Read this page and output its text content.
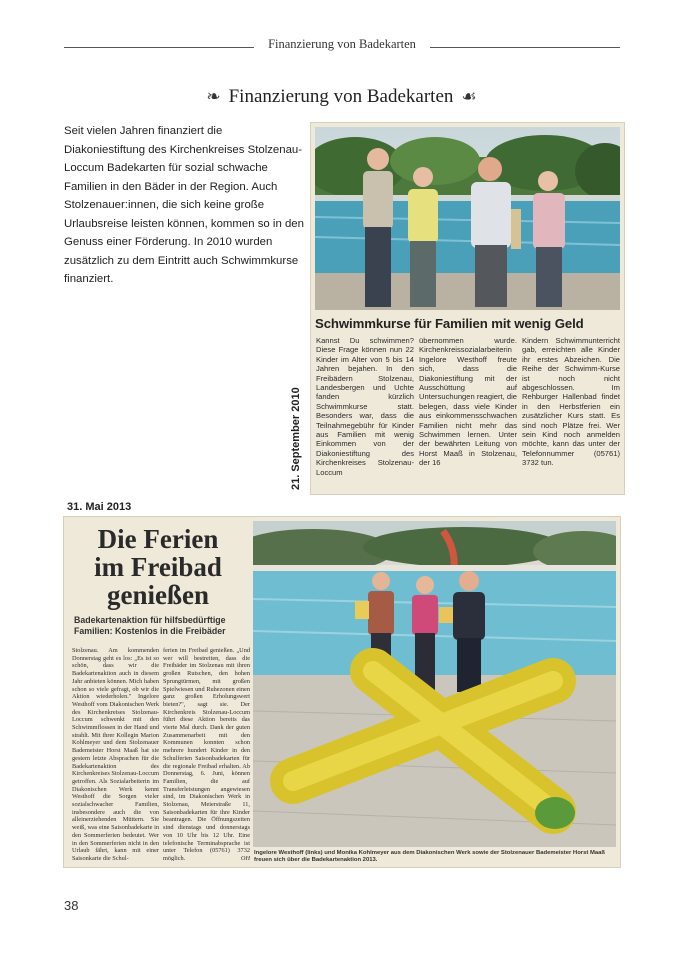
Finanzierung von Badekarten
❧ Finanzierung von Badekarten ☙
Seit vielen Jahren finanziert die Diakoniestiftung des Kirchenkreises Stolzenau-Loccum Badekarten für sozial schwache Familien in den Bäder in der Region. Auch Stolzenauer:innen, die sich keine große Urlaubsreise leisten können, kommen so in den Genuss einer Förderung. In 2010 wurden zusätzlich zu dem Eintritt auch Schwimmkurse finanziert.
Schwimmkurse für Familien mit wenig Geld
Kannst Du schwimmen? Diese Frage können nun 22 Kinder im Alter von 5 bis 14 Jahren bejahen. In den Freibädern Stolzenau, Landesbergen und Uchte fanden kürzlich Schwimmkurse statt. Besonders war, dass die Teilnahmegebühr für Kinder aus Familien mit wenig Einkommen von der Diakoniestiftung des Kirchenkreises Stolzenau-Loccum
übernommen wurde. Kirchenkreissozialarbeiterin Ingelore Westhoff freute sich, dass die Diakoniestiftung mit der Ausschüttung auf Untersuchungen reagiert, die belegen, dass viele Kinder aus einkommensschwachen Familien nicht mehr das Schwimmen lernen. Unter der bewährten Leitung von Horst Maaß in Stolzenau, der 16
Kindern Schwimmunterricht gab, erreichten alle Kinder ihr erstes Abzeichen. Die Reihe der Schwimm-Kurse ist noch nicht abgeschlossen. Im Rehburger Hallenbad findet in den Herbstferien ein zusätzlicher Kurs statt. Es sind noch Plätze frei. Wer sein Kind noch anmelden möchte, kann das unter der Telefonnummer (05761) 3732 tun.
21. September 2010
31. Mai 2013
Die Ferien
im Freibad
genießen
Badekartenaktion für hilfsbedürftige Familien: Kostenlos in die Freibäder
Stolzenau. Am kommenden Donnerstag geht es los: „Es ist so schön, dass wir die Badekartenaktion auch in diesem Jahr anbieten können. Mich haben schon so viele gefragt, ob wir die Aktion wiederholen." Ingelore Westhoff vom Diakonischen Werk des Kirchenkreises Stolzenau-Loccum schwenkt mit den Schwimmflossen in der Hand und strahlt. Mit ihrer Kollegin Marion Kohlmeyer und dem Stolzenauer Bademeister Horst Maaß hat sie gestern letzte Absprachen für die Badekartenaktion des Kirchenkreises Stolzenau-Loccum getroffen. Als Sozialarbeiterin im Diakonischen Werk kennt Westhoff die Sorgen vieler sozialschwacher Familien, insbesondere auch die von alleinerziehenden Müttern. Sie weiß, was eine Saisonbadekarte in den Sommerferien bedeutet. Wer in den Sommerferien nicht in den Urlaub fährt, kann mit einer Saisonkarte die Schul-
ferien im Freibad genießen. „Und wer will bestreiten, dass die Freibäder im Stolzenau mit ihren großen Rutschen, den hohen Sprungtürmen, mit großen Spielwiesen und Ruhezonen einen ganz großen Erholungswert bieten?", sagt sie. Der Kirchenkreis Stolzenau-Loccum führt diese Aktion bereits das vierte Mal durch. Dank der guten Zusammenarbeit mit den Kommunen konnten schon mehrere hundert Kinder in den Schulferien Saisonbadekarten für die regionale Freibad erhalten. Ab Donnerstag, 6. Juni, können Familien, die auf Transferleistungen angewiesen sind, im Diakonischen Werk in Stolzenau, Meierstraße 11, Saisonbadekarten für ihre Kinder beantragen. Die Öffnungszeiten sind dienstags und donnerstags von 10 Uhr bis 12 Uhr. Eine telefonische Terminabsprache ist unter Telefon (05761) 3732 möglich.	OH
Ingelore Westhoff (links) und Monika Kohlmeyer aus dem Diakonischen Werk sowie der Stolzenauer Bademeister Horst Maaß freuen sich über die Badekartenaktion 2013.
38
